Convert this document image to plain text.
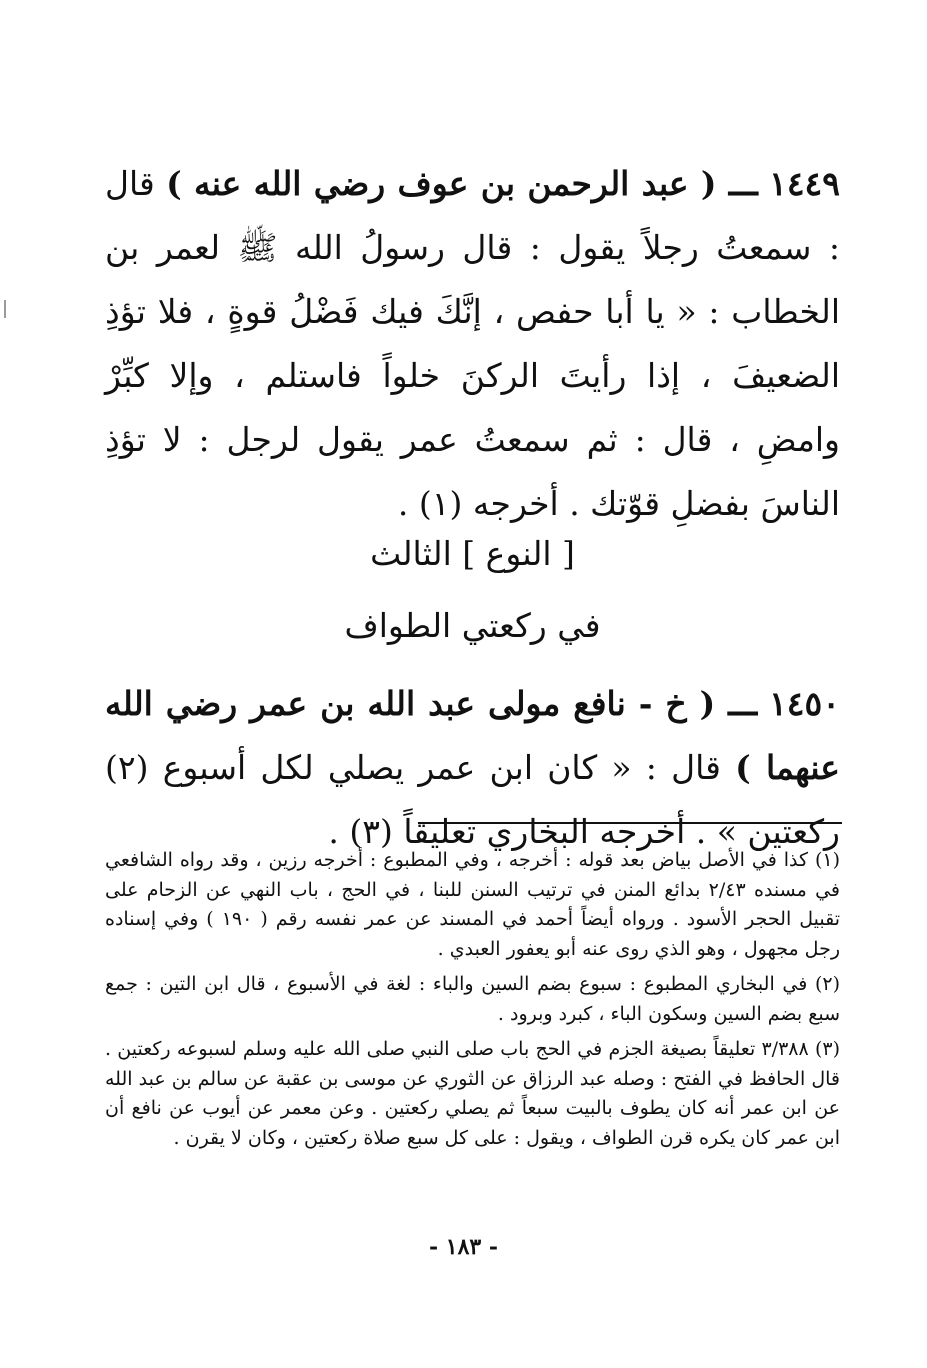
١٤٤٩ ـــ ( عبد الرحمن بن عوف رضي الله عنه ) قال : سمعتُ رجلاً يقول : قال رسولُ الله ﷺ لعمر بن الخطاب : « يا أبا حفص ، إنَّكَ فيك فَضْلُ قوةٍ ، فلا تؤذِ الضعيفَ ، إذا رأيتَ الركنَ خلواً فاستلم ، وإلا كبِّرْ وامضِ ، قال : ثم سمعتُ عمر يقول لرجل : لا تؤذِ الناسَ بفضلِ قوّتك . أخرجه (١) .

[ النوع ] الثالث
في ركعتي الطواف

١٤٥٠ ـــ ( خ - نافع مولى عبد الله بن عمر رضي الله عنهما ) قال : « كان ابن عمر يصلي لكل أسبوع (٢) ركعتين » . أخرجه البخاري تعليقاً (٣) .

(١) كذا في الأصل بياض بعد قوله : أخرجه ، وفي المطبوع : أخرجه رزين ، وقد رواه الشافعي في مسنده ٢/٤٣ بدائع المنن في ترتيب السنن للبنا ، في الحج ، باب النهي عن الزحام على تقبيل الحجر الأسود . ورواه أيضاً أحمد في المسند عن عمر نفسه رقم ( ١٩٠ ) وفي إسناده رجل مجهول ، وهو الذي روى عنه أبو يعفور العبدي .

(٢) في البخاري المطبوع : سبوع بضم السين والباء : لغة في الأسبوع ، قال ابن التين : جمع سبع بضم السين وسكون الباء ، كبرد وبرود .

(٣) ٣/٣٨٨ تعليقاً بصيغة الجزم في الحج باب صلى النبي صلى الله عليه وسلم لسبوعه ركعتين . قال الحافظ في الفتح : وصله عبد الرزاق عن الثوري عن موسى بن عقبة عن سالم بن عبد الله عن ابن عمر أنه كان يطوف بالبيت سبعاً ثم يصلي ركعتين . وعن معمر عن أيوب عن نافع أن ابن عمر كان يكره قرن الطواف ، ويقول : على كل سبع صلاة ركعتين ، وكان لا يقرن .

- ١٨٣ -
